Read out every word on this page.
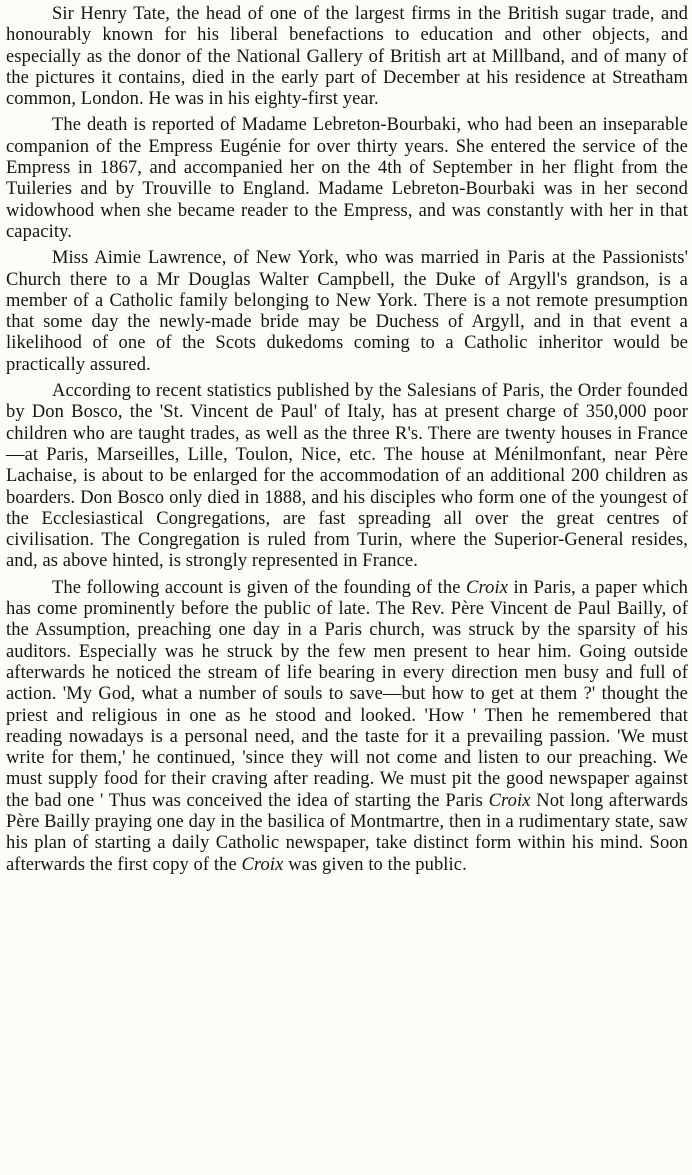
Sir Henry Tate, the head of one of the largest firms in the British sugar trade, and honourably known for his liberal benefactions to education and other objects, and especially as the donor of the National Gallery of British art at Millband, and of many of the pictures it contains, died in the early part of December at his residence at Streatham common, London. He was in his eighty-first year.

The death is reported of Madame Lebreton-Bourbaki, who had been an inseparable companion of the Empress Eugénie for over thirty years. She entered the service of the Empress in 1867, and accompanied her on the 4th of September in her flight from the Tuileries and by Trouville to England. Madame Lebreton-Bourbaki was in her second widowhood when she became reader to the Empress, and was constantly with her in that capacity.

Miss Aimie Lawrence, of New York, who was married in Paris at the Passionists' Church there to a Mr Douglas Walter Campbell, the Duke of Argyll's grandson, is a member of a Catholic family belonging to New York. There is a not remote presumption that some day the newly-made bride may be Duchess of Argyll, and in that event a likelihood of one of the Scots dukedoms coming to a Catholic inheritor would be practically assured.

According to recent statistics published by the Salesians of Paris, the Order founded by Don Bosco, the 'St. Vincent de Paul' of Italy, has at present charge of 350,000 poor children who are taught trades, as well as the three R's. There are twenty houses in France—at Paris, Marseilles, Lille, Toulon, Nice, etc. The house at Ménilmonfant, near Père Lachaise, is about to be enlarged for the accommodation of an additional 200 children as boarders. Don Bosco only died in 1888, and his disciples who form one of the youngest of the Ecclesiastical Congregations, are fast spreading all over the great centres of civilisation. The Congregation is ruled from Turin, where the Superior-General resides, and, as above hinted, is strongly represented in France.

The following account is given of the founding of the Croix in Paris, a paper which has come prominently before the public of late. The Rev. Père Vincent de Paul Bailly, of the Assumption, preaching one day in a Paris church, was struck by the sparsity of his auditors. Especially was he struck by the few men present to hear him. Going outside afterwards he noticed the stream of life bearing in every direction men busy and full of action. 'My God, what a number of souls to save—but how to get at them ?' thought the priest and religious in one as he stood and looked. 'How ' Then he remembered that reading nowadays is a personal need, and the taste for it a prevailing passion. 'We must write for them,' he continued, 'since they will not come and listen to our preaching. We must supply food for their craving after reading. We must pit the good newspaper against the bad one ' Thus was conceived the idea of starting the Paris Croix Not long afterwards Père Bailly praying one day in the basilica of Montmartre, then in a rudimentary state, saw his plan of starting a daily Catholic newspaper, take distinct form within his mind. Soon afterwards the first copy of the Croix was given to the public.
